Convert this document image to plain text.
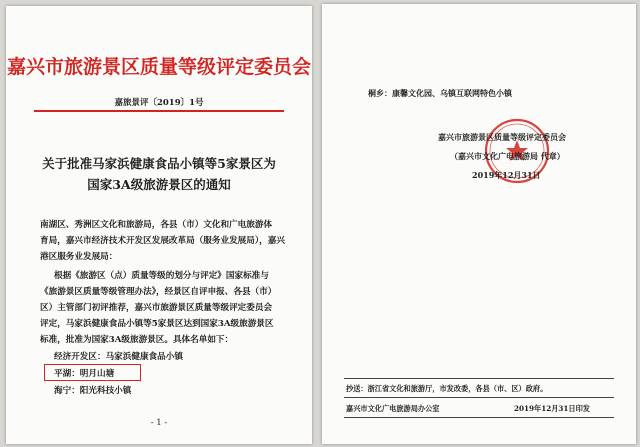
嘉兴市旅游景区质量等级评定委员会
嘉旅景评〔2019〕1号
关于批准马家浜健康食品小镇等5家景区为
国家3A级旅游景区的通知
南湖区、秀洲区文化和旅游局，各县（市）文化和广电旅游体
育局，嘉兴市经济技术开发区发展改革局（服务业发展局），嘉兴
港区服务业发展局：
根据《旅游区（点）质量等级的划分与评定》国家标准与
《旅游景区质量等级管理办法》，经景区自评申报、各县（市）
区）主管部门初评推荐，嘉兴市旅游景区质量等级评定委员会
评定，马家浜健康食品小镇等5家景区达到国家3A级旅游景区
标准，批准为国家3A级旅游景区。具体名单如下：
经济开发区：马家浜健康食品小镇
平湖：明月山塘
海宁：阳光科技小镇
- 1 -
桐乡：康馨文化园、乌镇互联网特色小镇
嘉兴市旅游景区质量等级评定委员会
（嘉兴市文化广电旅游局 代章）
2019年12月31日
抄送：浙江省文化和旅游厅，市发改委，各县（市、区）政府。
嘉兴市文化广电旅游局办公室	2019年12月31日印发
